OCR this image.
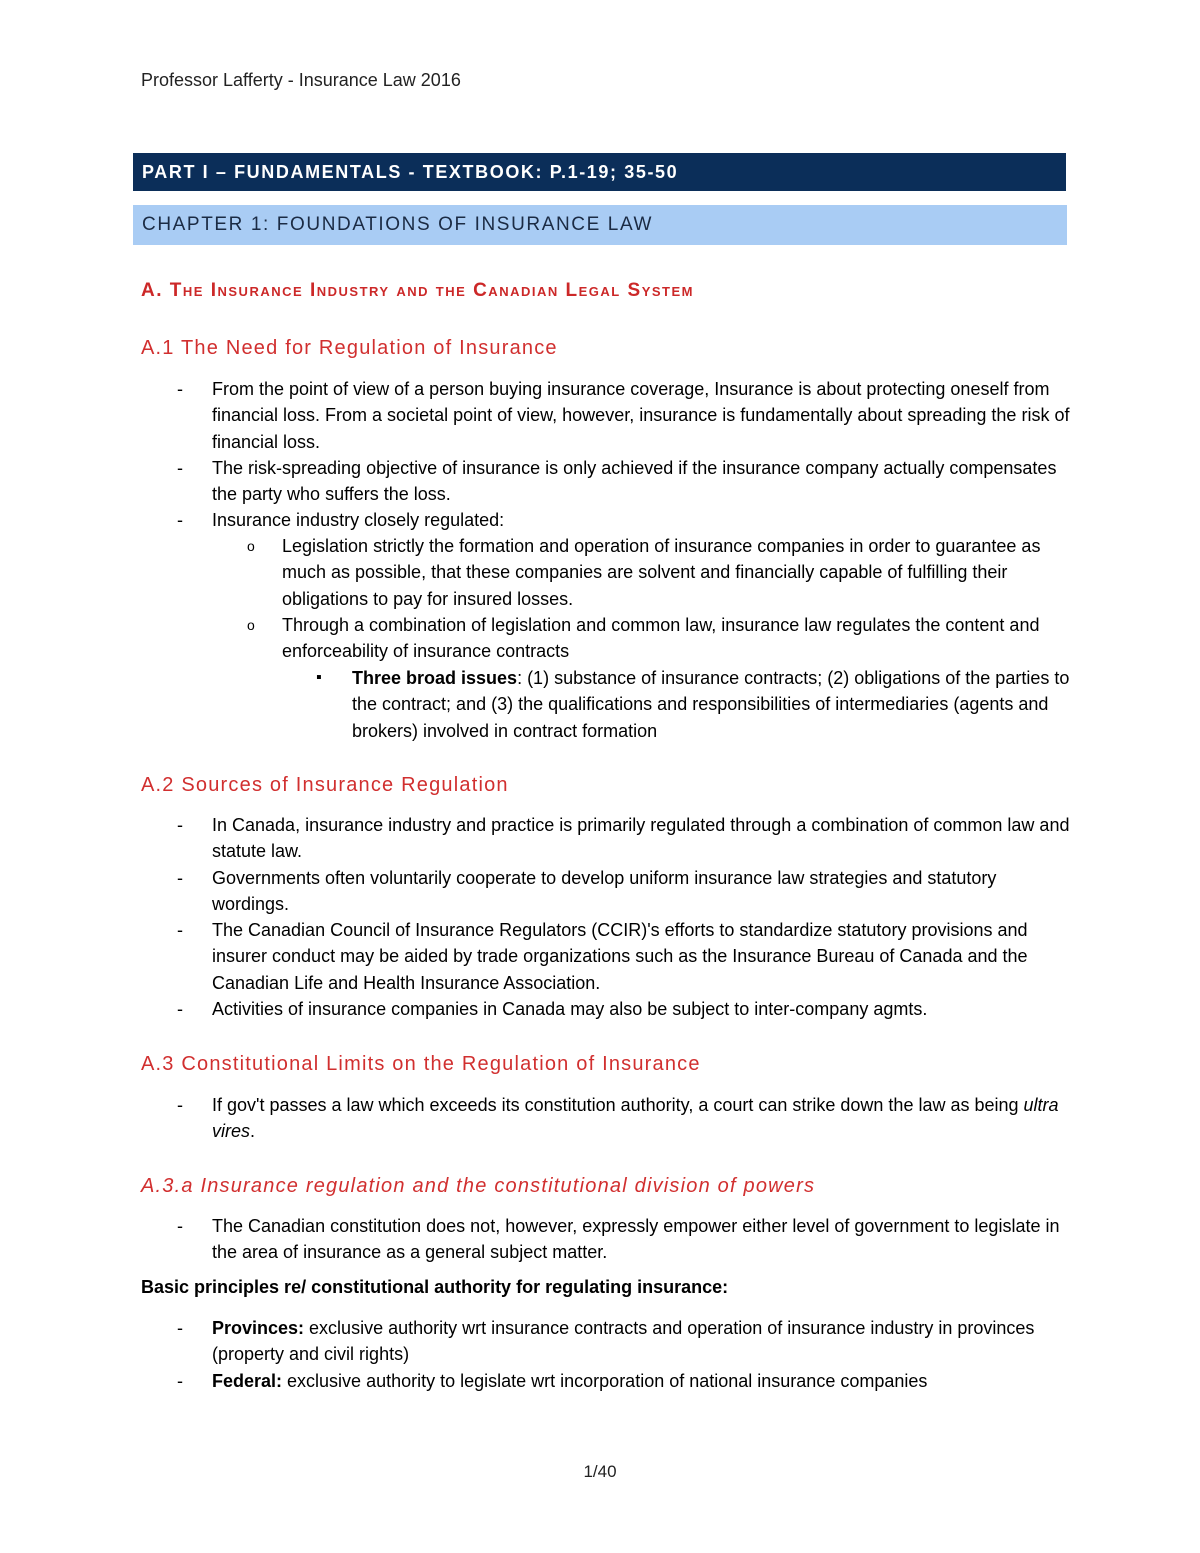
Professor Lafferty - Insurance Law 2016
PART I – FUNDAMENTALS - TEXTBOOK: P.1-19; 35-50
CHAPTER 1: FOUNDATIONS OF INSURANCE LAW
A. The Insurance Industry and the Canadian Legal System
A.1 The Need for Regulation of Insurance
- From the point of view of a person buying insurance coverage, Insurance is about protecting oneself from financial loss. From a societal point of view, however, insurance is fundamentally about spreading the risk of financial loss.
- The risk-spreading objective of insurance is only achieved if the insurance company actually compensates the party who suffers the loss.
- Insurance industry closely regulated:
o Legislation strictly the formation and operation of insurance companies in order to guarantee as much as possible, that these companies are solvent and financially capable of fulfilling their obligations to pay for insured losses.
o Through a combination of legislation and common law, insurance law regulates the content and enforceability of insurance contracts
▪ Three broad issues: (1) substance of insurance contracts; (2) obligations of the parties to the contract; and (3) the qualifications and responsibilities of intermediaries (agents and brokers) involved in contract formation
A.2 Sources of Insurance Regulation
- In Canada, insurance industry and practice is primarily regulated through a combination of common law and statute law.
- Governments often voluntarily cooperate to develop uniform insurance law strategies and statutory wordings.
- The Canadian Council of Insurance Regulators (CCIR)'s efforts to standardize statutory provisions and insurer conduct may be aided by trade organizations such as the Insurance Bureau of Canada and the Canadian Life and Health Insurance Association.
- Activities of insurance companies in Canada may also be subject to inter-company agmts.
A.3 Constitutional Limits on the Regulation of Insurance
- If gov't passes a law which exceeds its constitution authority, a court can strike down the law as being ultra vires.
A.3.a Insurance regulation and the constitutional division of powers
- The Canadian constitution does not, however, expressly empower either level of government to legislate in the area of insurance as a general subject matter.
Basic principles re/ constitutional authority for regulating insurance:
- Provinces: exclusive authority wrt insurance contracts and operation of insurance industry in provinces (property and civil rights)
- Federal: exclusive authority to legislate wrt incorporation of national insurance companies
1/40
